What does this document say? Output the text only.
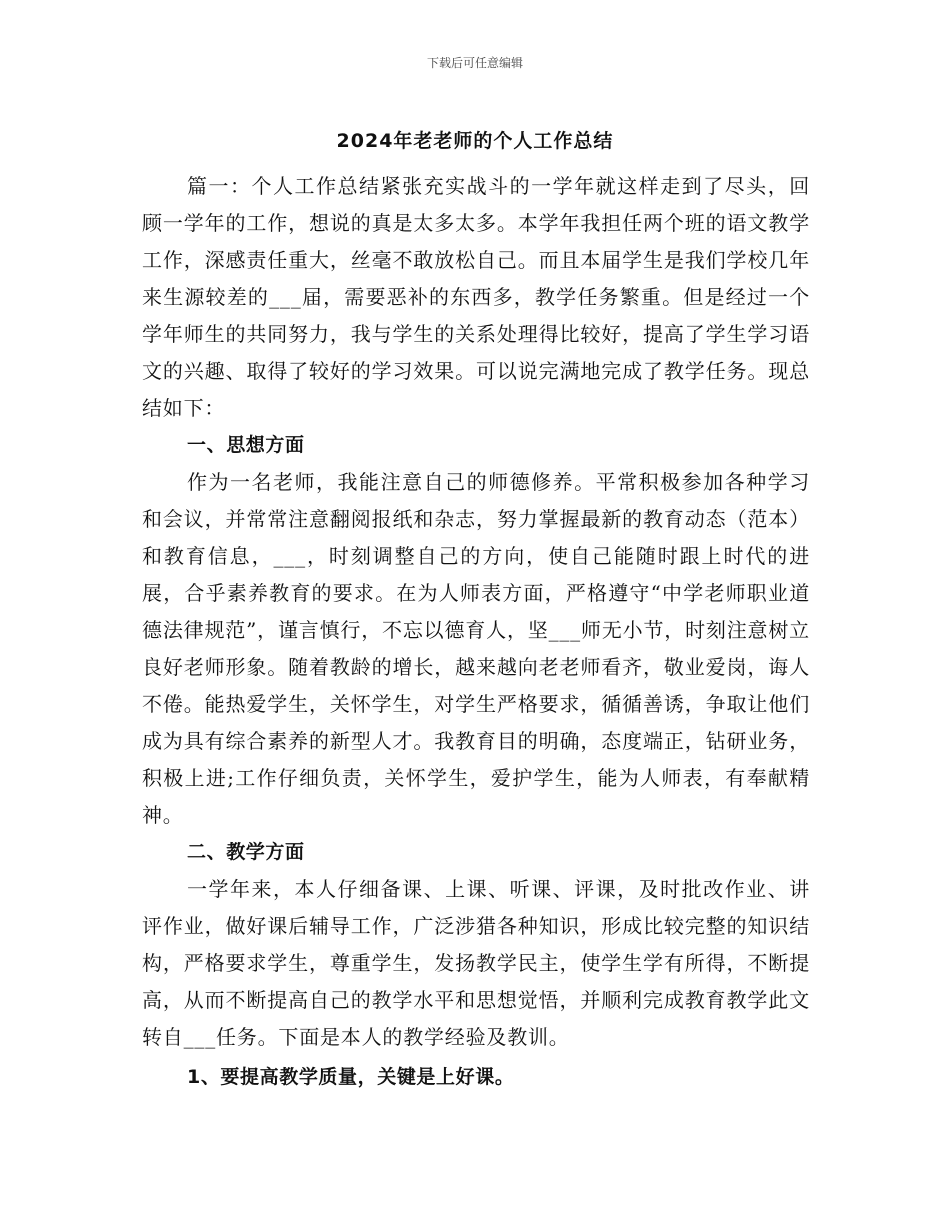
下载后可任意编辑
2024年老老师的个人工作总结

篇一：个人工作总结紧张充实战斗的一学年就这样走到了尽头，回顾一学年的工作，想说的真是太多太多。本学年我担任两个班的语文教学工作，深感责任重大，丝毫不敢放松自己。而且本届学生是我们学校几年来生源较差的___届，需要恶补的东西多，教学任务繁重。但是经过一个学年师生的共同努力，我与学生的关系处理得比较好，提高了学生学习语文的兴趣、取得了较好的学习效果。可以说完满地完成了教学任务。现总结如下：

一、思想方面

作为一名老师，我能注意自己的师德修养。平常积极参加各种学习和会议，并常常注意翻阅报纸和杂志，努力掌握最新的教育动态（范本）和教育信息，___，时刻调整自己的方向，使自己能随时跟上时代的进展，合乎素养教育的要求。在为人师表方面，严格遵守“中学老师职业道德法律规范”，谨言慎行，不忘以德育人，坚___师无小节，时刻注意树立良好老师形象。随着教龄的增长，越来越向老老师看齐，敬业爱岗，诲人不倦。能热爱学生，关怀学生，对学生严格要求，循循善诱，争取让他们成为具有综合素养的新型人才。我教育目的明确，态度端正，钻研业务，积极上进;工作仔细负责，关怀学生，爱护学生，能为人师表，有奉献精神。

二、教学方面

一学年来，本人仔细备课、上课、听课、评课，及时批改作业、讲评作业，做好课后辅导工作，广泛涉猎各种知识，形成比较完整的知识结构，严格要求学生，尊重学生，发扬教学民主，使学生学有所得，不断提高，从而不断提高自己的教学水平和思想觉悟，并顺利完成教育教学此文转自___任务。下面是本人的教学经验及教训。

1、要提高教学质量，关键是上好课。
